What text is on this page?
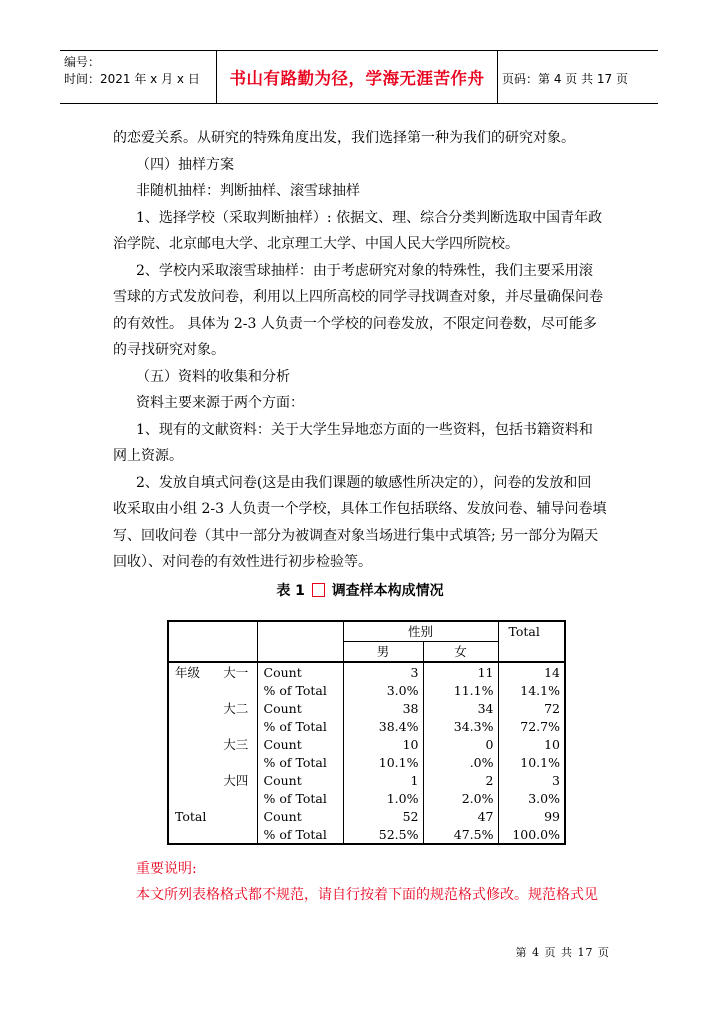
编号：
时间：2021 年 x 月 x 日	书山有路勤为径，学海无涯苦作舟	页码：第 4 页 共 17 页
的恋爱关系。从研究的特殊角度出发，我们选择第一种为我们的研究对象。
（四）抽样方案
非随机抽样：判断抽样、滚雪球抽样
1、选择学校（采取判断抽样）: 依据文、理、综合分类判断选取中国青年政
治学院、北京邮电大学、北京理工大学、中国人民大学四所院校。
2、学校内采取滚雪球抽样：由于考虑研究对象的特殊性，我们主要采用滚
雪球的方式发放问卷，利用以上四所高校的同学寻找调查对象，并尽量确保问卷
的有效性。 具体为 2-3 人负责一个学校的问卷发放，不限定问卷数，尽可能多
的寻找研究对象。
（五）资料的收集和分析
资料主要来源于两个方面：
1、现有的文献资料：关于大学生异地恋方面的一些资料，包括书籍资料和
网上资源。
2、发放自填式问卷(这是由我们课题的敏感性所决定的），问卷的发放和回
收采取由小组 2-3 人负责一个学校，具体工作包括联络、发放问卷、辅导问卷填
写、回收问卷（其中一部分为被调查对象当场进行集中式填答; 另一部分为隔天
回收）、对问卷的有效性进行初步检验等。
表 1 调查样本构成情况
			性别		Total
			男	女	
年级	大一	Count	3	11	14
		% of Total	3.0%	11.1%	14.1%
	大二	Count	38	34	72
		% of Total	38.4%	34.3%	72.7%
	大三	Count	10	0	10
		% of Total	10.1%	.0%	10.1%
	大四	Count	1	2	3
		% of Total	1.0%	2.0%	3.0%
Total		Count	52	47	99
		% of Total	52.5%	47.5%	100.0%
重要说明:
本文所列表格格式都不规范，请自行按着下面的规范格式修改。规范格式见
第 4 页 共 17 页
